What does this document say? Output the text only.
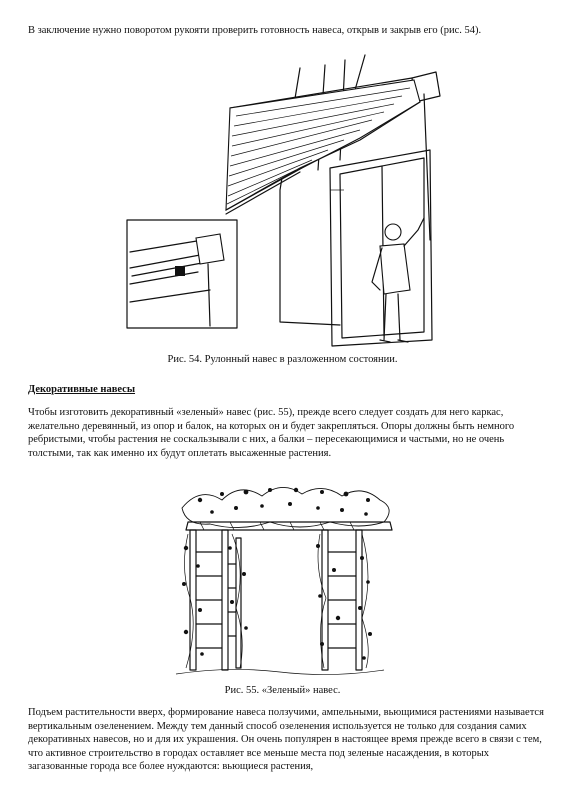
В заключение нужно поворотом рукояти проверить готовность навеса, открыв и закрыв его (рис. 54).

Рис. 54. Рулонный навес в разложенном состоянии.

Декоративные навесы

Чтобы изготовить декоративный «зеленый» навес (рис. 55), прежде всего следует создать для него каркас, желательно деревянный, из опор и балок, на которых он и будет закрепляться. Опоры должны быть немного ребристыми, чтобы растения не соскальзывали с них, а балки – пересекающимися и частыми, но не очень толстыми, так как именно их будут оплетать высаженные растения.

Рис. 55. «Зеленый» навес.

Подъем растительности вверх, формирование навеса ползучими, ампельными, вьющимися растениями называется вертикальным озеленением. Между тем данный способ озеленения используется не только для создания самих декоративных навесов, но и для их украшения. Он очень популярен в настоящее время прежде всего в связи с тем, что активное строительство в городах оставляет все меньше места под зеленые насаждения, в которых загазованные города все более нуждаются: вьющиеся растения,
